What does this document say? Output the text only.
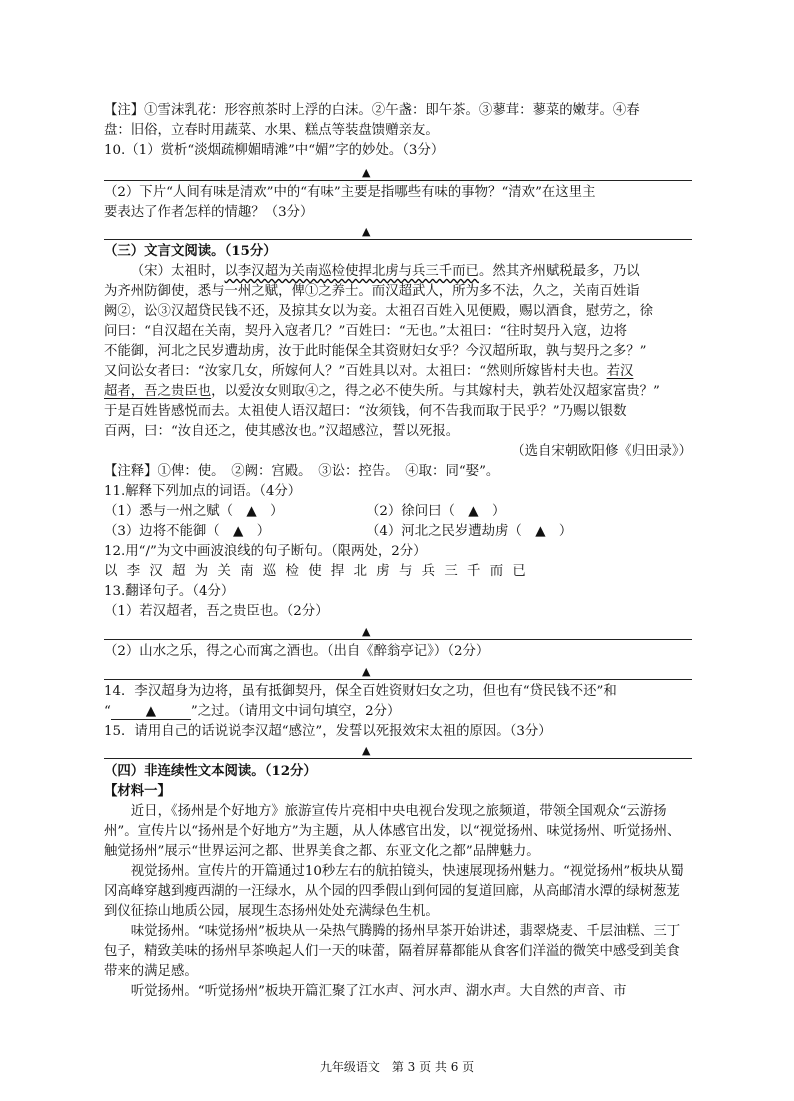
【注】①雪沫乳花：形容煎茶时上浮的白沫。②午盏：即午茶。③蓼茸：蓼菜的嫩芽。④春
盘：旧俗，立春时用蔬菜、水果、糕点等装盘馈赠亲友。
10.（1）赏析“淡烟疏柳媚晴滩”中“媚”字的妙处。（3分）
▲
（2）下片“人间有味是清欢”中的“有味”主要是指哪些有味的事物？“清欢”在这里主
要表达了作者怎样的情趣？（3分）
▲
（三）文言文阅读。（15分）
（宋）太祖时，以李汉超为关南巡检使捍北虏与兵三千而已。然其齐州赋税最多，乃以
为齐州防御使，悉与一州之赋，俾①之养士。而汉超武人，所为多不法，久之，关南百姓诣
阙②，讼③汉超贷民钱不还，及掠其女以为妾。太祖召百姓入见便殿，赐以酒食，慰劳之，徐
问曰：“自汉超在关南，契丹入寇者几？”百姓曰：“无也。”太祖曰：“往时契丹入寇，边将
不能御，河北之民岁遭劫虏，汝于此时能保全其资财妇女乎？今汉超所取，孰与契丹之多？”
又问讼女者曰：“汝家几女，所嫁何人？”百姓具以对。太祖曰：“然则所嫁皆村夫也。若汉
超者，吾之贵臣也，以爱汝女则取④之，得之必不使失所。与其嫁村夫，孰若处汉超家富贵？”
于是百姓皆感悦而去。太祖使人语汉超曰：“汝须钱，何不告我而取于民乎？”乃赐以银数
百两，曰：“汝自还之，使其感汝也。”汉超感泣，誓以死报。
（选自宋朝欧阳修《归田录》）
【注释】①俾：使。　②阙：宫殿。　③讼：控告。　④取：同“娶”。
11.解释下列加点的词语。（4分）
（1）悉与一州之赋（　▲　）	（2）徐问曰（　▲　）
（3）边将不能御（　▲　）	（4）河北之民岁遭劫虏（　▲　）
12.用“/”为文中画波浪线的句子断句。（限两处，2分）
以李汉超为关南巡检使捍北虏与兵三千而已
13.翻译句子。（4分）
（1）若汉超者，吾之贵臣也。（2分）
▲
（2）山水之乐，得之心而寓之酒也。（出自《醉翁亭记》）（2分）
▲
14．李汉超身为边将，虽有抵御契丹，保全百姓资财妇女之功，但也有“贷民钱不还”和
“	▲	”之过。（请用文中词句填空，2分）
15．请用自己的话说说李汉超“感泣”，发誓以死报效宋太祖的原因。（3分）
▲
（四）非连续性文本阅读。（12分）
【材料一】
近日，《扬州是个好地方》旅游宣传片亮相中央电视台发现之旅频道，带领全国观众“云游扬州”。宣传片以“扬州是个好地方”为主题，从人体感官出发，以“视觉扬州、味觉扬州、听觉扬州、触觉扬州”展示“世界运河之都、世界美食之都、东亚文化之都”品牌魅力。
视觉扬州。宣传片的开篇通过10秒左右的航拍镜头，快速展现扬州魅力。“视觉扬州”板块从蜀冈高峰穿越到瘦西湖的一汪绿水，从个园的四季假山到何园的复道回廊，从高邮清水潭的绿树葱茏到仪征捺山地质公园，展现生态扬州处处充满绿色生机。
味觉扬州。“味觉扬州”板块从一朵热气腾腾的扬州早茶开始讲述，翡翠烧麦、千层油糕、三丁包子，精致美味的扬州早茶唤起人们一天的味蕾，隔着屏幕都能从食客们洋溢的微笑中感受到美食带来的满足感。
听觉扬州。“听觉扬州”板块开篇汇聚了江水声、河水声、湖水声。大自然的声音、市
九年级语文　第 3 页 共 6 页
